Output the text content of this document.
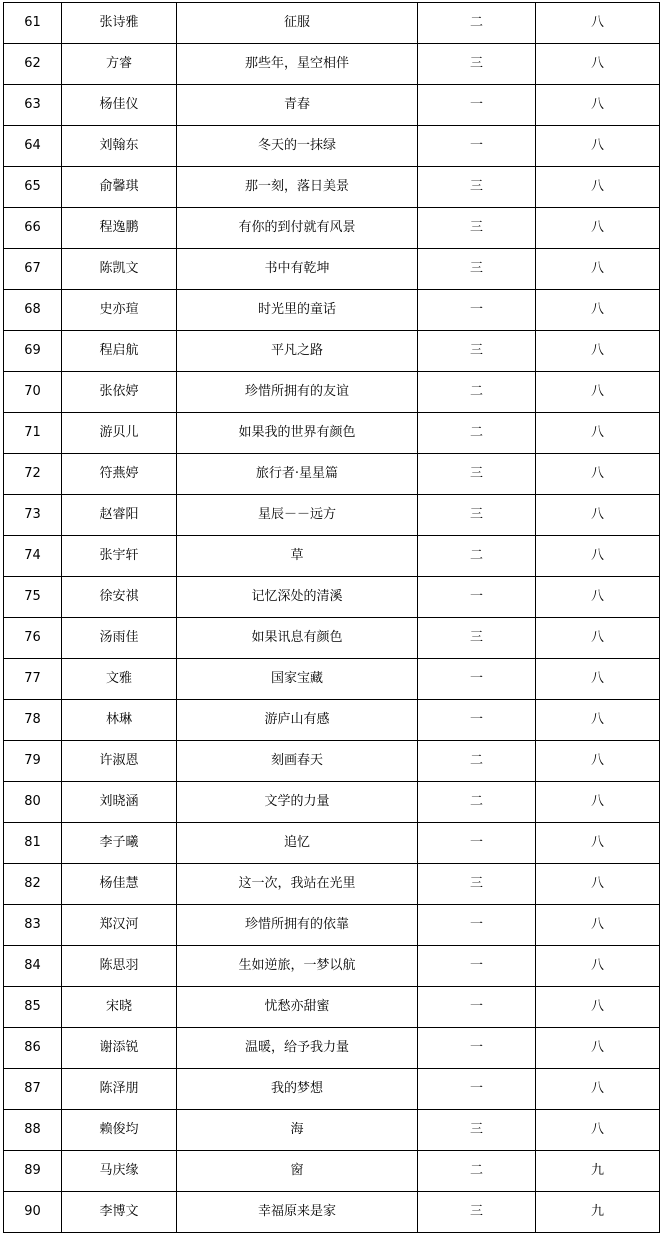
61	张诗雅	征服	二	八
62	方睿	那些年，星空相伴	三	八
63	杨佳仪	青春	一	八
64	刘翰东	冬天的一抹绿	一	八
65	俞馨琪	那一刻，落日美景	三	八
66	程逸鹏	有你的到付就有风景	三	八
67	陈凯文	书中有乾坤	三	八
68	史亦瑄	时光里的童话	一	八
69	程启航	平凡之路	三	八
70	张依婷	珍惜所拥有的友谊	二	八
71	游贝儿	如果我的世界有颜色	二	八
72	符燕婷	旅行者·星星篇	三	八
73	赵睿阳	星辰－－远方	三	八
74	张宇轩	草	二	八
75	徐安祺	记忆深处的清溪	一	八
76	汤雨佳	如果讯息有颜色	三	八
77	文雅	国家宝藏	一	八
78	林琳	游庐山有感	一	八
79	许淑恩	刻画春天	二	八
80	刘晓涵	文学的力量	二	八
81	李子曦	追忆	一	八
82	杨佳慧	这一次，我站在光里	三	八
83	郑汉河	珍惜所拥有的依靠	一	八
84	陈思羽	生如逆旅，一梦以航	一	八
85	宋晓	忧愁亦甜蜜	一	八
86	谢添锐	温暖，给予我力量	一	八
87	陈泽朋	我的梦想	一	八
88	赖俊均	海	三	八
89	马庆缘	窗	二	九
90	李博文	幸福原来是家	三	九
